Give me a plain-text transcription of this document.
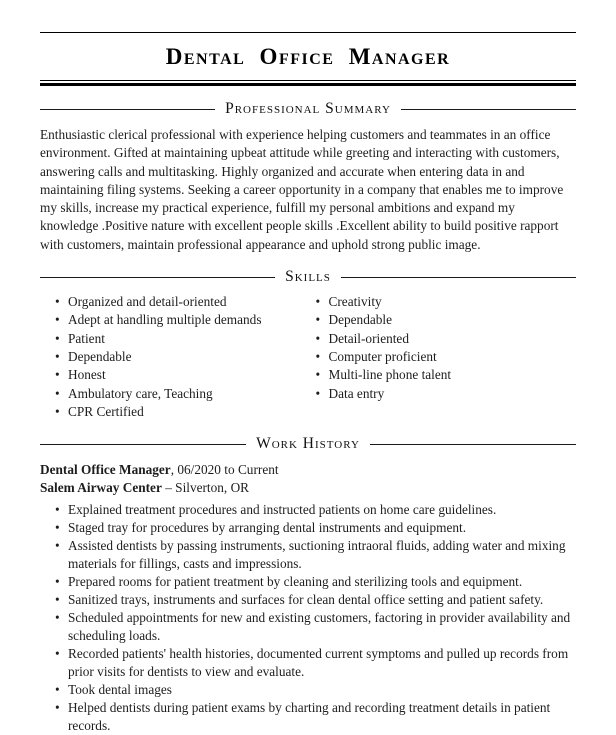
Dental Office Manager
Professional Summary

Enthusiastic clerical professional with experience helping customers and teammates in an office environment. Gifted at maintaining upbeat attitude while greeting and interacting with customers, answering calls and multitasking. Highly organized and accurate when entering data in and maintaining filing systems. Seeking a career opportunity in a company that enables me to improve my skills, increase my practical experience, fulfill my personal ambitions and expand my knowledge .Positive nature with excellent people skills .Excellent ability to build positive rapport with customers, maintain professional appearance and uphold strong public image.

Skills
• Organized and detail-oriented
• Adept at handling multiple demands
• Patient
• Dependable
• Honest
• Ambulatory care, Teaching
• CPR Certified
• Creativity
• Dependable
• Detail-oriented
• Computer proficient
• Multi-line phone talent
• Data entry
Work History

Dental Office Manager, 06/2020 to Current

Salem Airway Center – Silverton, OR

• Explained treatment procedures and instructed patients on home care guidelines.
• Staged tray for procedures by arranging dental instruments and equipment.
• Assisted dentists by passing instruments, suctioning intraoral fluids, adding water and mixing materials for fillings, casts and impressions.
• Prepared rooms for patient treatment by cleaning and sterilizing tools and equipment.
• Sanitized trays, instruments and surfaces for clean dental office setting and patient safety.
• Scheduled appointments for new and existing customers, factoring in provider availability and scheduling loads.
• Recorded patients' health histories, documented current symptoms and pulled up records from prior visits for dentists to view and evaluate.
• Took dental images
• Helped dentists during patient exams by charting and recording treatment details in patient records.
